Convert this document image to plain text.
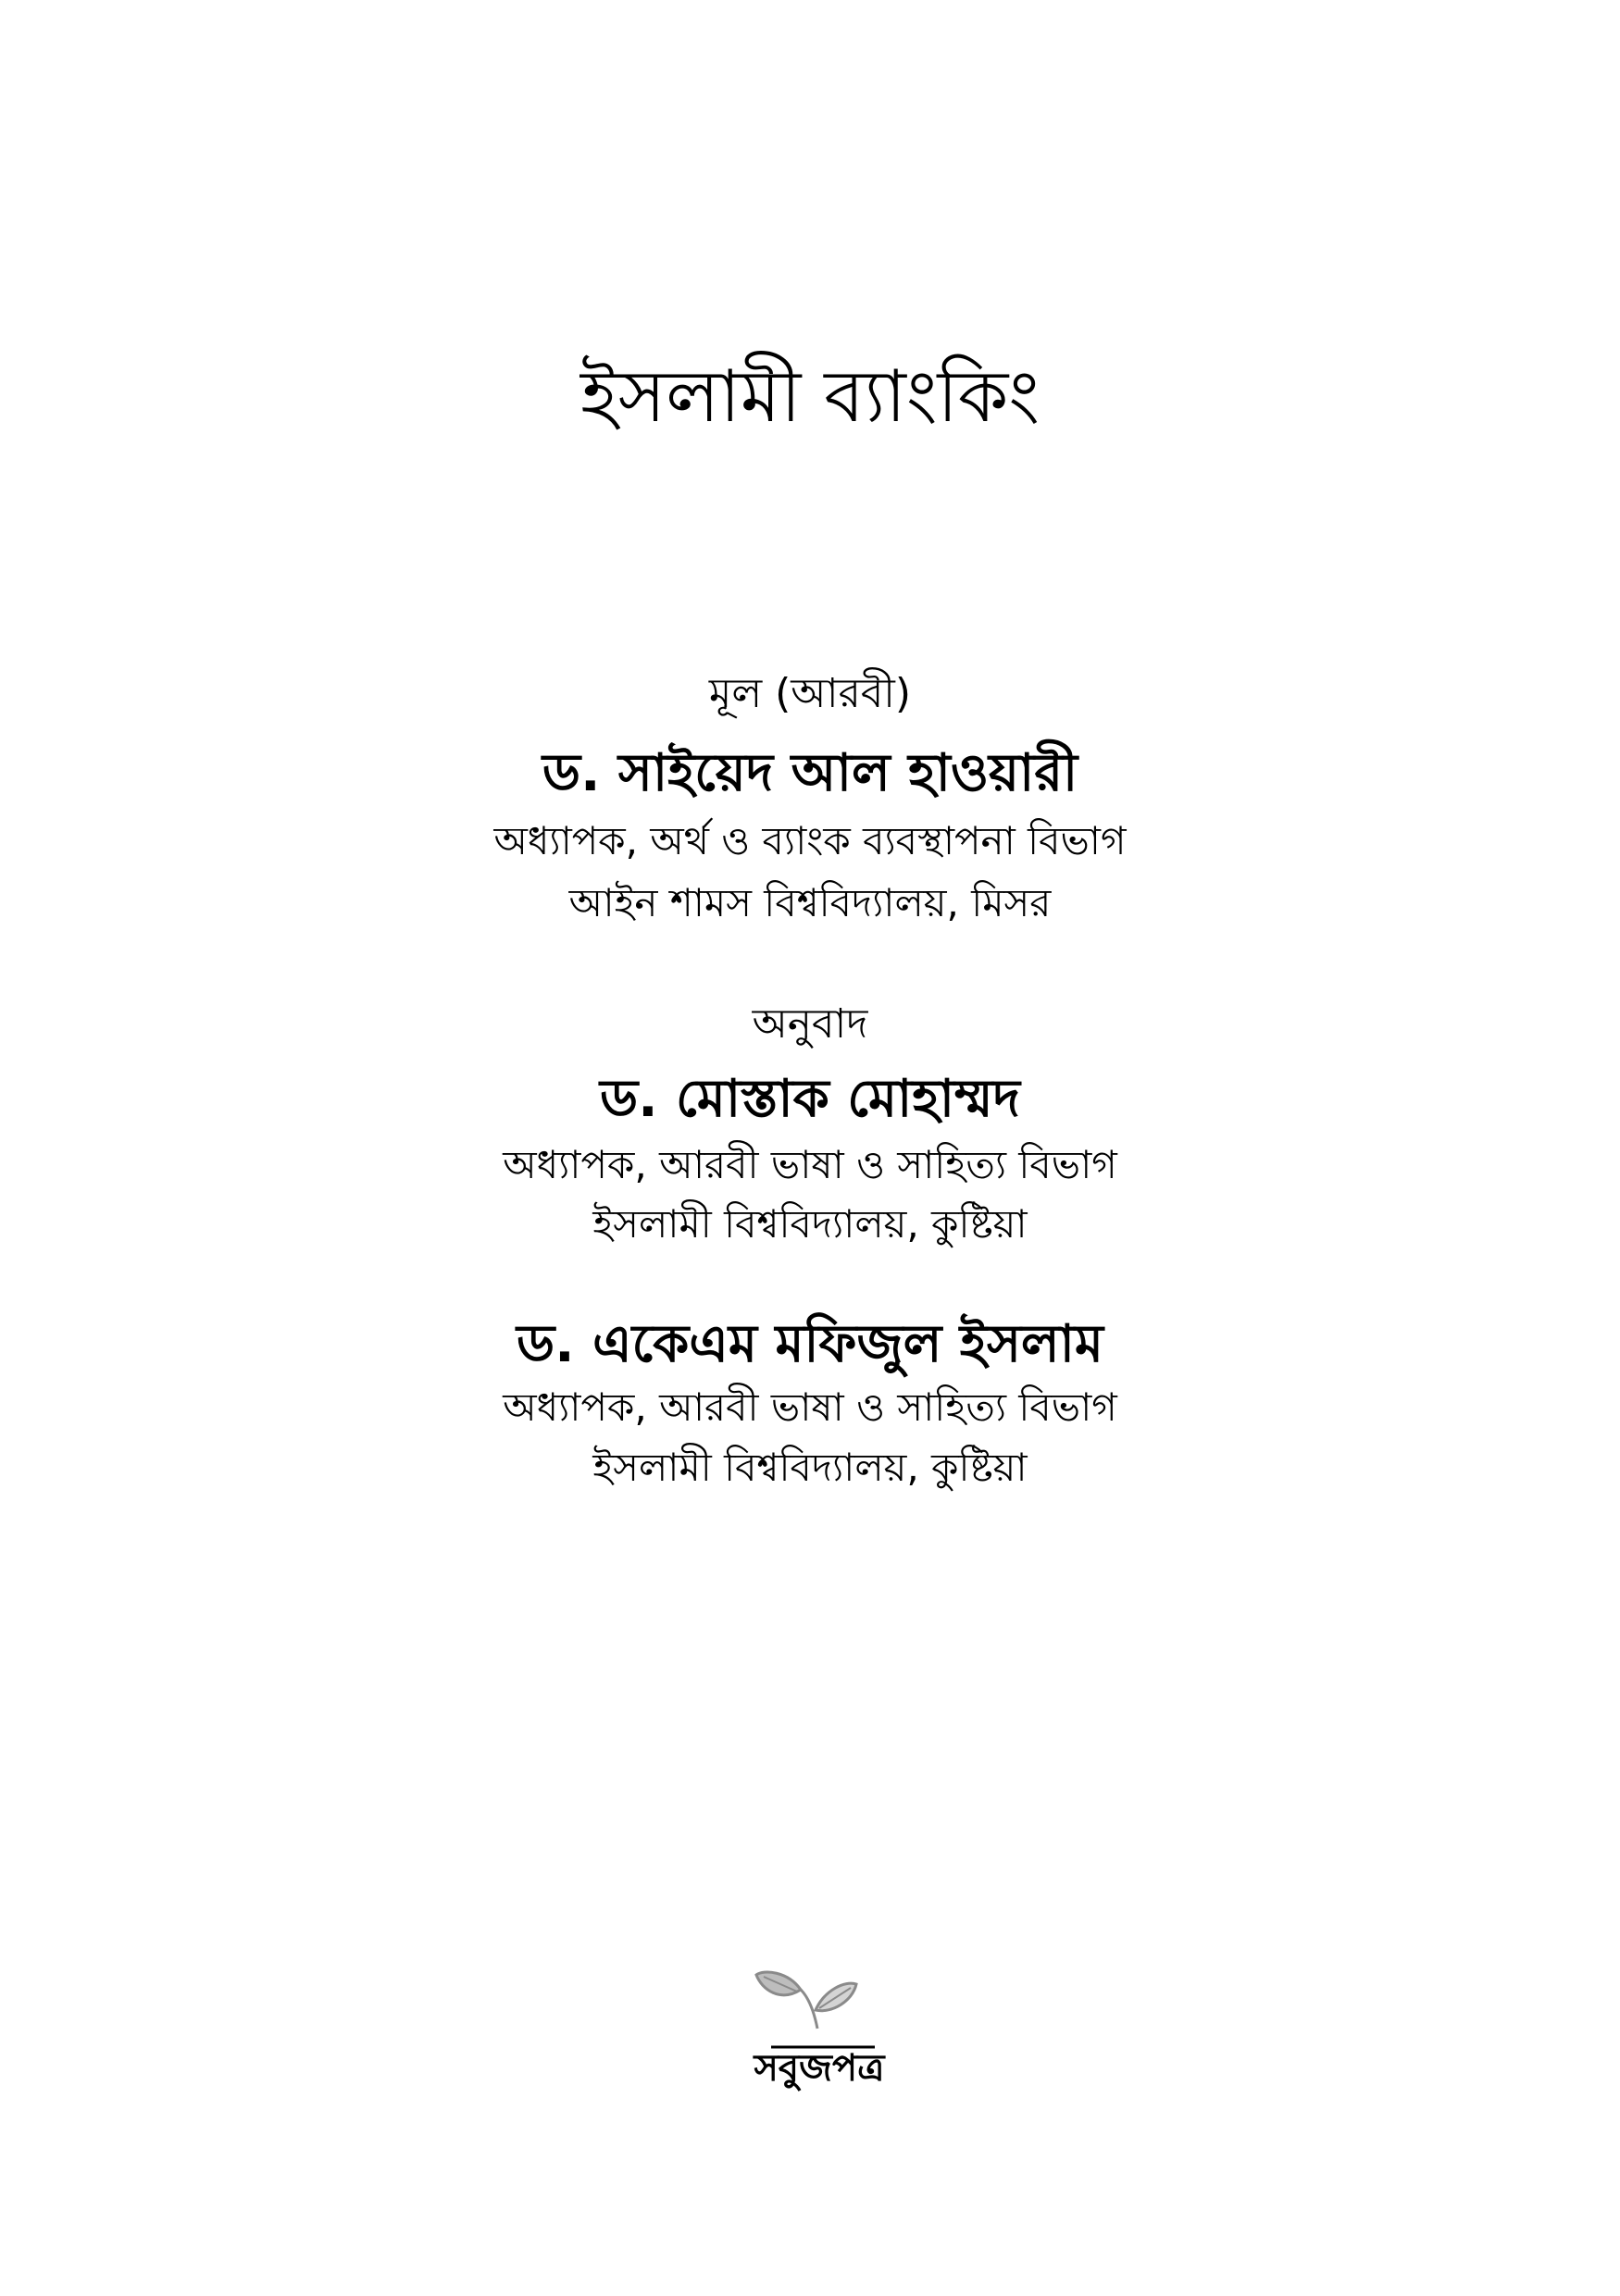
ইসলামী ব্যাংকিং
মূল (আরবী)
ড. সাইয়েদ আল হাওয়ারী
অধ্যাপক, অর্থ ও ব্যাংক ব্যবস্থাপনা বিভাগ
আইন শামস বিশ্ববিদ্যালয়, মিসর
অনুবাদ
ড. মোস্তাক মোহাম্মদ
অধ্যাপক, আরবী ভাষা ও সাহিত্য বিভাগ
ইসলামী বিশ্ববিদ্যালয়, কুষ্টিয়া
ড. একেএম মফিজুল ইসলাম
অধ্যাপক, আরবী ভাষা ও সাহিত্য বিভাগ
ইসলামী বিশ্ববিদ্যালয়, কুষ্টিয়া
সবুজপত্র
